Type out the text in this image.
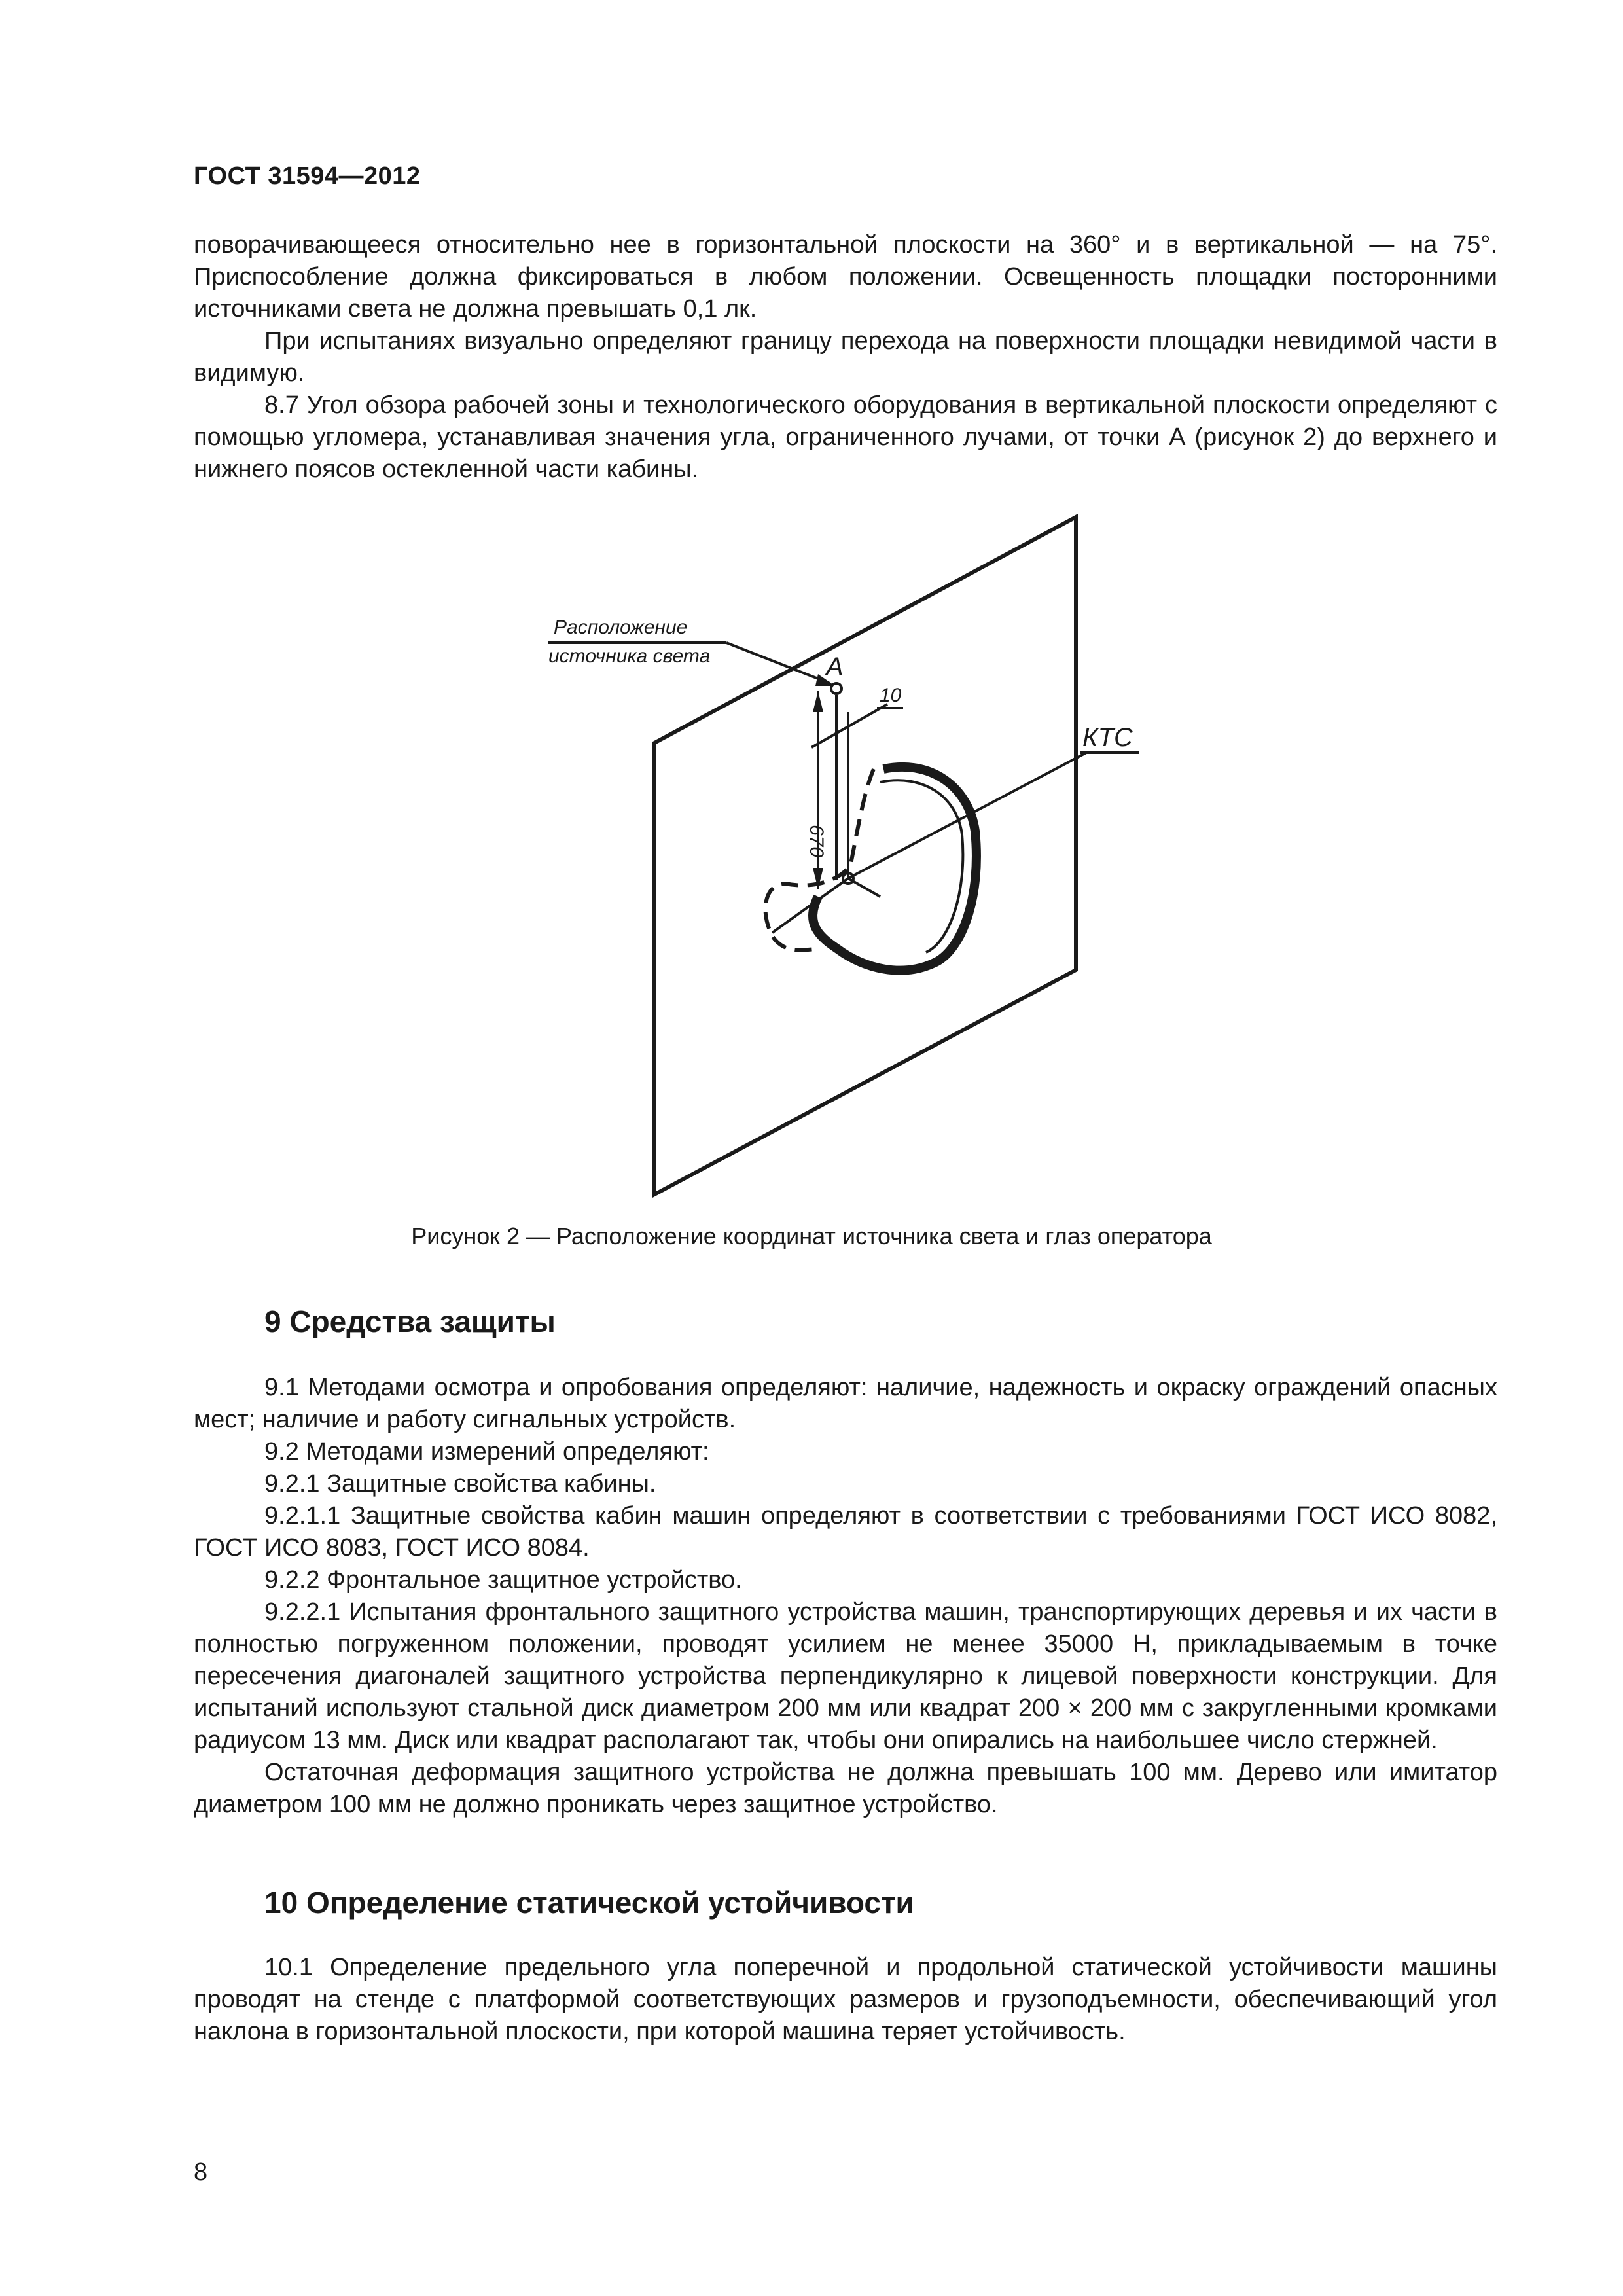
ГОСТ 31594—2012

поворачивающееся относительно нее в горизонтальной плоскости на 360° и в вертикальной — на 75°. Приспособление должна фиксироваться в любом положении. Освещенность площадки посторонними источниками света не должна превышать 0,1 лк.

При испытаниях визуально определяют границу перехода на поверхности площадки невидимой части в видимую.

8.7 Угол обзора рабочей зоны и технологического оборудования в вертикальной плоскости определяют с помощью угломера, устанавливая значения угла, ограниченного лучами, от точки А (рисунок 2) до верхнего и нижнего поясов остекленной части кабины.

Расположение
источника света	A
10
КТС
670
Рисунок 2 — Расположение координат источника света и глаз оператора
9 Средства защиты

9.1 Методами осмотра и опробования определяют: наличие, надежность и окраску ограждений опасных мест; наличие и работу сигнальных устройств.

9.2 Методами измерений определяют:

9.2.1 Защитные свойства кабины.

9.2.1.1 Защитные свойства кабин машин определяют в соответствии с требованиями ГОСТ ИСО 8082, ГОСТ ИСО 8083, ГОСТ ИСО 8084.

9.2.2 Фронтальное защитное устройство.

9.2.2.1 Испытания фронтального защитного устройства машин, транспортирующих деревья и их части в полностью погруженном положении, проводят усилием не менее 35000 Н, прикладываемым в точке пересечения диагоналей защитного устройства перпендикулярно к лицевой поверхности конструкции. Для испытаний используют стальной диск диаметром 200 мм или квадрат 200 × 200 мм с закругленными кромками радиусом 13 мм. Диск или квадрат располагают так, чтобы они опирались на наибольшее число стержней.

Остаточная деформация защитного устройства не должна превышать 100 мм. Дерево или имитатор диаметром 100 мм не должно проникать через защитное устройство.

10 Определение статической устойчивости

10.1 Определение предельного угла поперечной и продольной статической устойчивости машины проводят на стенде с платформой соответствующих размеров и грузоподъемности, обеспечивающий угол наклона в горизонтальной плоскости, при которой машина теряет устойчивость.

8
